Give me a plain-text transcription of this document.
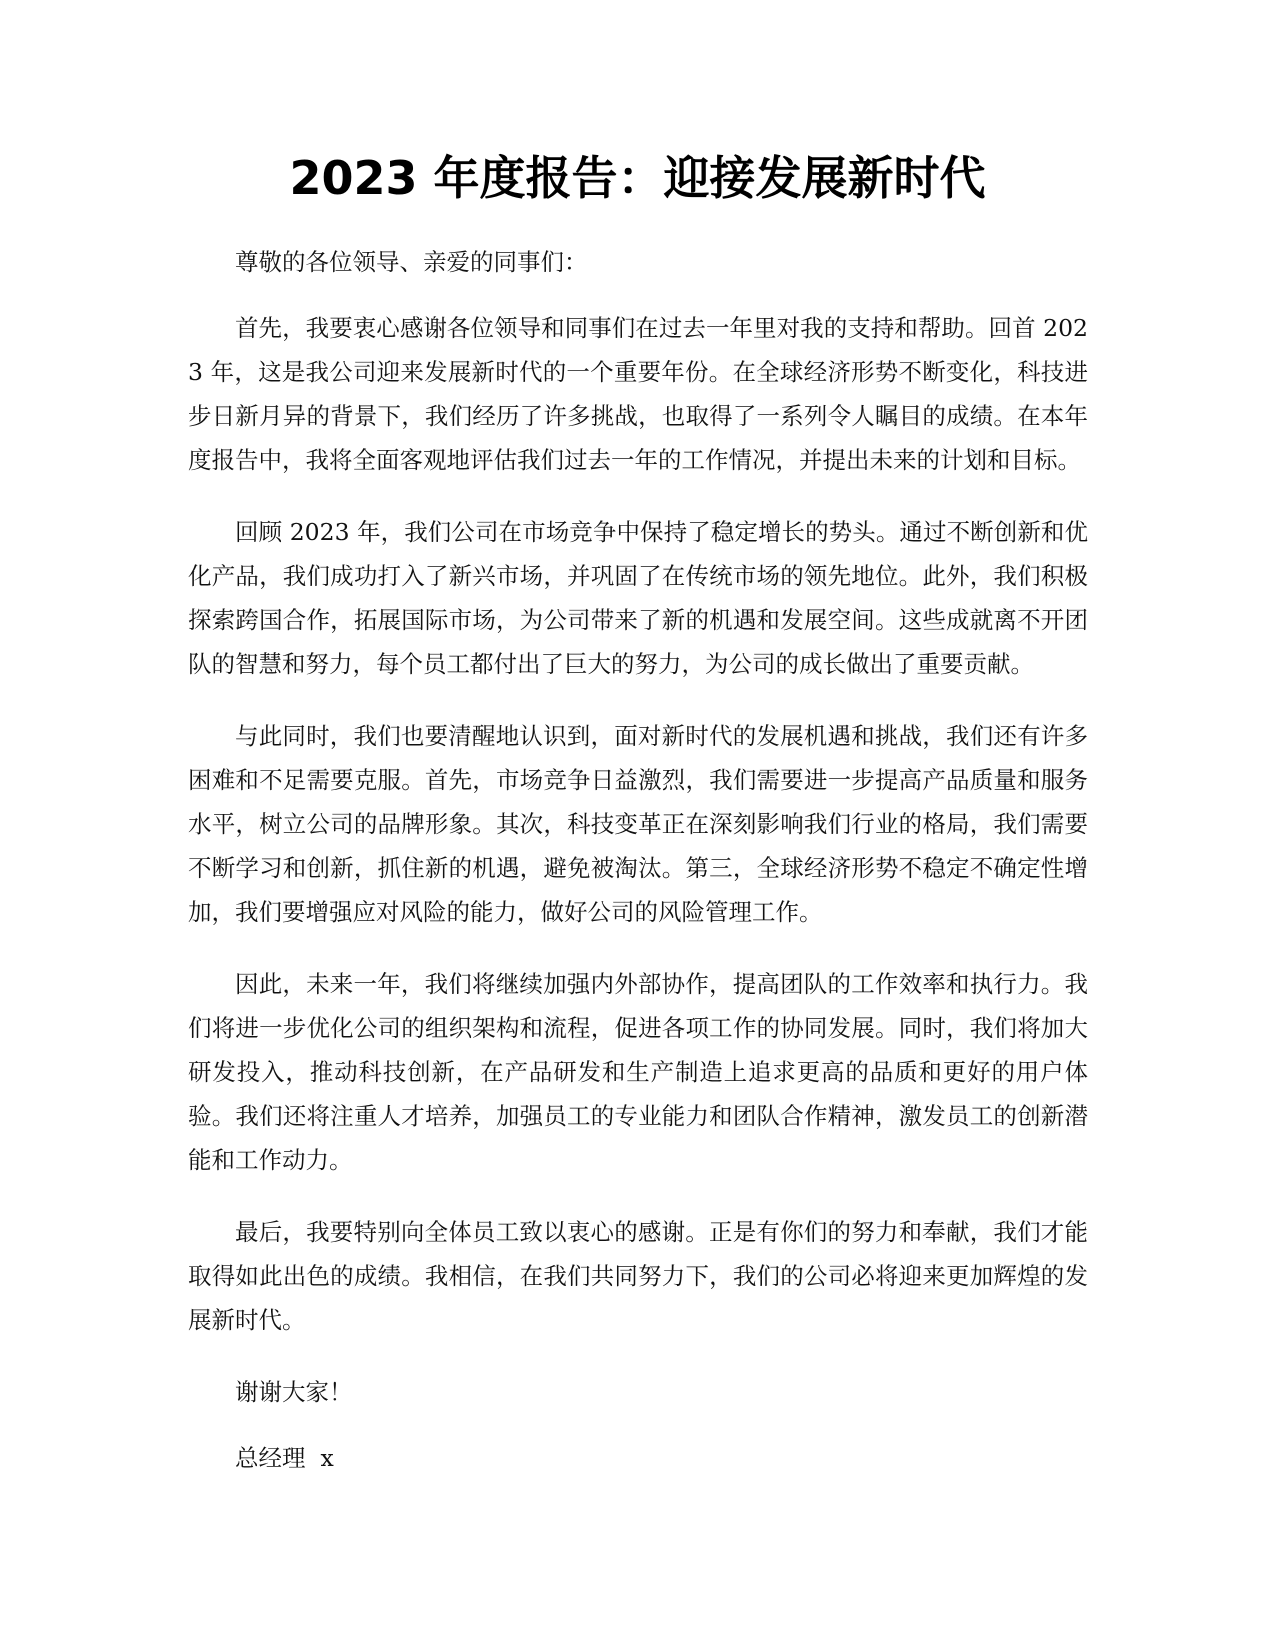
2023 年度报告：迎接发展新时代

尊敬的各位领导、亲爱的同事们：

首先，我要衷心感谢各位领导和同事们在过去一年里对我的支持和帮助。回首 2023 年，这是我公司迎来发展新时代的一个重要年份。在全球经济形势不断变化，科技进步日新月异的背景下，我们经历了许多挑战，也取得了一系列令人瞩目的成绩。在本年度报告中，我将全面客观地评估我们过去一年的工作情况，并提出未来的计划和目标。

回顾 2023 年，我们公司在市场竞争中保持了稳定增长的势头。通过不断创新和优化产品，我们成功打入了新兴市场，并巩固了在传统市场的领先地位。此外，我们积极探索跨国合作，拓展国际市场，为公司带来了新的机遇和发展空间。这些成就离不开团队的智慧和努力，每个员工都付出了巨大的努力，为公司的成长做出了重要贡献。

与此同时，我们也要清醒地认识到，面对新时代的发展机遇和挑战，我们还有许多困难和不足需要克服。首先，市场竞争日益激烈，我们需要进一步提高产品质量和服务水平，树立公司的品牌形象。其次，科技变革正在深刻影响我们行业的格局，我们需要不断学习和创新，抓住新的机遇，避免被淘汰。第三，全球经济形势不稳定不确定性增加，我们要增强应对风险的能力，做好公司的风险管理工作。

因此，未来一年，我们将继续加强内外部协作，提高团队的工作效率和执行力。我们将进一步优化公司的组织架构和流程，促进各项工作的协同发展。同时，我们将加大研发投入，推动科技创新，在产品研发和生产制造上追求更高的品质和更好的用户体验。我们还将注重人才培养，加强员工的专业能力和团队合作精神，激发员工的创新潜能和工作动力。

最后，我要特别向全体员工致以衷心的感谢。正是有你们的努力和奉献，我们才能取得如此出色的成绩。我相信，在我们共同努力下，我们的公司必将迎来更加辉煌的发展新时代。

谢谢大家！

总经理  x
